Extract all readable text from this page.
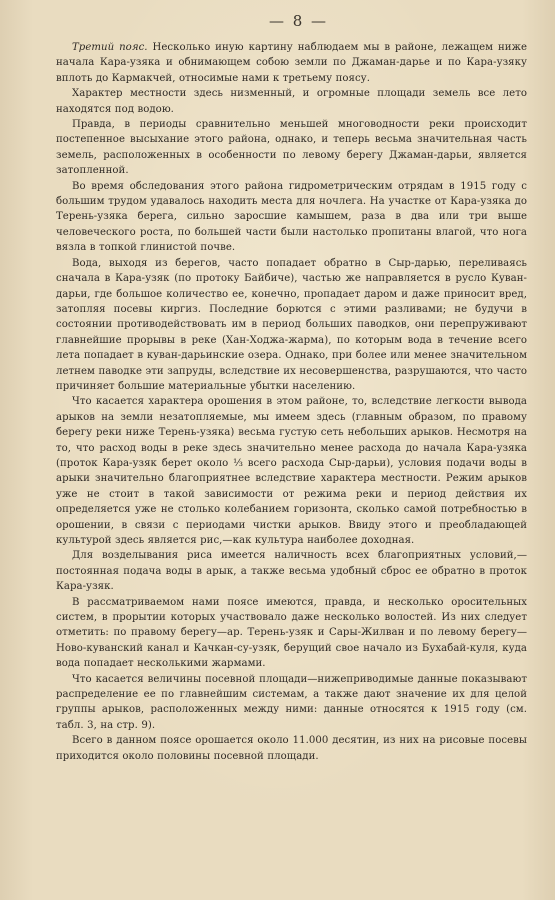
— 8 —

Третий пояс. Несколько иную картину наблюдаем мы в районе, лежащем ниже начала Кара-узяка и обнимающем собою земли по Джаман-дарье и по Кара-узяку вплоть до Кармакчей, относимые нами к третьему поясу.

Характер местности здесь низменный, и огромные площади земель все лето находятся под водою.

Правда, в периоды сравнительно меньшей многоводности реки происходит постепенное высыхание этого района, однако, и теперь весьма значительная часть земель, расположенных в особенности по левому берегу Джаман-дарьи, является затопленной.

Во время обследования этого района гидрометрическим отрядам в 1915 году с большим трудом удавалось находить места для ночлега. На участке от Кара-узяка до Терень-узяка берега, сильно заросшие камышем, раза в два или три выше человеческого роста, по большей части были настолько пропитаны влагой, что нога вязла в топкой глинистой почве.

Вода, выходя из берегов, часто попадает обратно в Сыр-дарью, переливаясь сначала в Кара-узяк (по протоку Байбиче), частью же направляется в русло Куван-дарьи, где большое количество ее, конечно, пропадает даром и даже приносит вред, затопляя посевы киргиз. Последние борются с этими разливами; не будучи в состоянии противодействовать им в период больших паводков, они перепруживают главнейшие прорывы в реке (Хан-Ходжа-жарма), по которым вода в течение всего лета попадает в куван-дарьинские озера. Однако, при более или менее значительном летнем паводке эти запруды, вследствие их несовершенства, разрушаются, что часто причиняет большие материальные убытки населению.

Что касается характера орошения в этом районе, то, вследствие легкости вывода арыков на земли незатопляемые, мы имеем здесь (главным образом, по правому берегу реки ниже Терень-узяка) весьма густую сеть небольших арыков. Несмотря на то, что расход воды в реке здесь значительно менее расхода до начала Кара-узяка (проток Кара-узяк берет около ⅓ всего расхода Сыр-дарьи), условия подачи воды в арыки значительно благоприятнее вследствие характера местности. Режим арыков уже не стоит в такой зависимости от режима реки и период действия их определяется уже не столько колебанием горизонта, сколько самой потребностью в орошении, в связи с периодами чистки арыков. Ввиду этого и преобладающей культурой здесь является рис,—как культура наиболее доходная.

Для возделывания риса имеется наличность всех благоприятных условий,—постоянная подача воды в арык, а также весьма удобный сброс ее обратно в проток Кара-узяк.

В рассматриваемом нами поясе имеются, правда, и несколько оросительных систем, в прорытии которых участвовало даже несколько волостей. Из них следует отметить: по правому берегу—ар. Терень-узяк и Сары-Жилван и по левому берегу—Ново-куванский канал и Качкан-су-узяк, берущий свое начало из Бухабай-куля, куда вода попадает несколькими жармами.

Что касается величины посевной площади—нижеприводимые данные показывают распределение ее по главнейшим системам, а также дают значение их для целой группы арыков, расположенных между ними: данные относятся к 1915 году (см. табл. 3, на стр. 9).

Всего в данном поясе орошается около 11.000 десятин, из них на рисовые посевы приходится около половины посевной площади.
